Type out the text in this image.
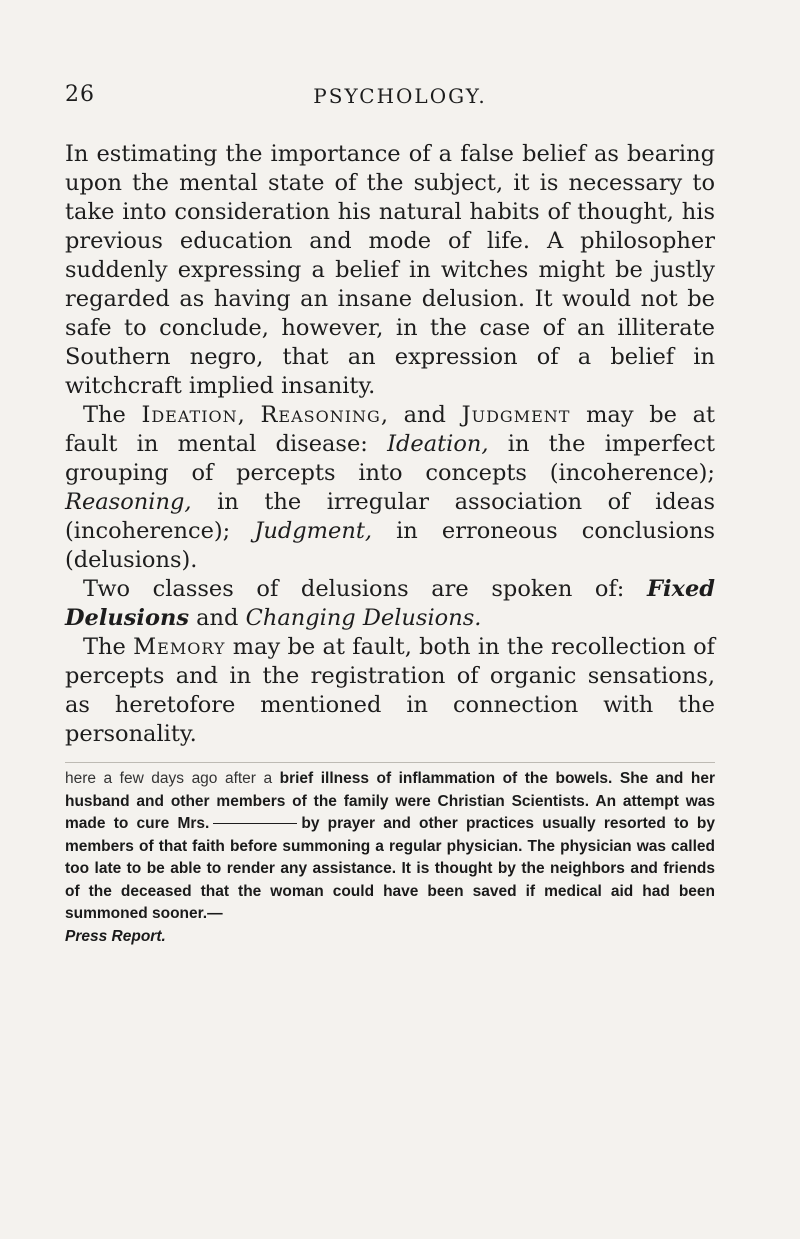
26	PSYCHOLOGY.

In estimating the importance of a false belief as bearing upon the mental state of the subject, it is necessary to take into consideration his natural habits of thought, his previous education and mode of life. A philosopher suddenly expressing a belief in witches might be justly regarded as having an insane delusion. It would not be safe to conclude, however, in the case of an illiterate Southern negro, that an expression of a belief in witchcraft implied insanity.

The Ideation, Reasoning, and Judgment may be at fault in mental disease: Ideation, in the imperfect grouping of percepts into concepts (incoherence); Reasoning, in the irregular association of ideas (incoherence); Judgment, in erroneous conclusions (delusions).

Two classes of delusions are spoken of: Fixed Delusions and Changing Delusions.

The Memory may be at fault, both in the recollection of percepts and in the registration of organic sensations, as heretofore mentioned in connection with the personality.

here a few days ago after a brief illness of inflammation of the bowels. She and her husband and other members of the family were Christian Scientists. An attempt was made to cure Mrs.	by prayer and other practices usually resorted to by members of that faith before summoning a regular physician. The physician was called too late to be able to render any assistance. It is thought by the neighbors and friends of the deceased that the woman could have been saved if medical aid had been summoned sooner.—
Press Report.
